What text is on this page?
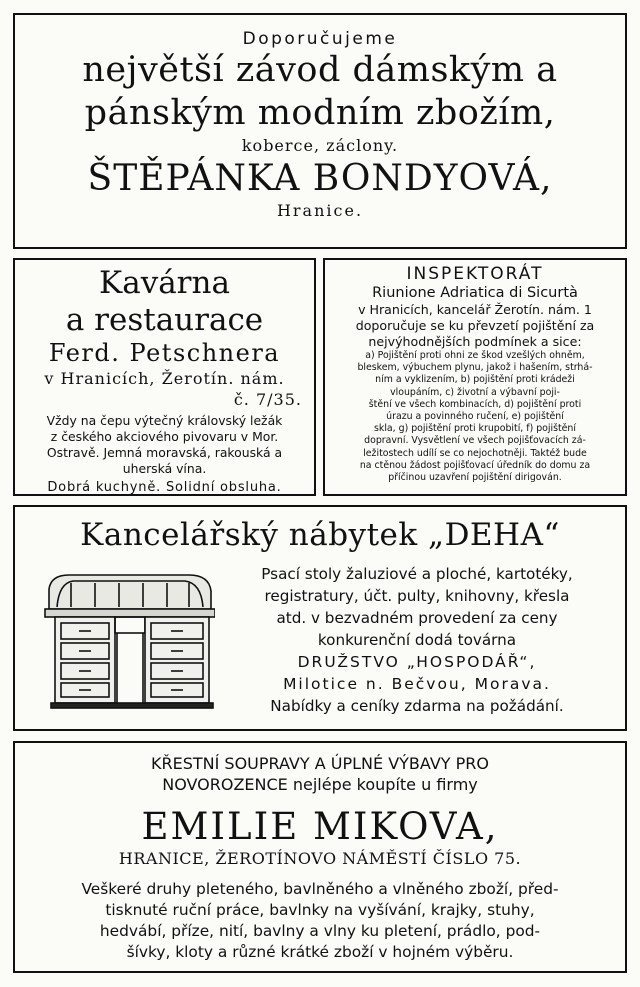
Doporučujeme
největší závod dámským a
pánským modním zbožím,
koberce, záclony.
ŠTĚPÁNKA BONDYOVÁ,
Hranice.
Kavárna
a restaurace
Ferd. Petschnera
v Hranicích, Žerotín. nám.
č. 7/35.
Vždy na čepu výtečný královský ležák
z českého akciového pivovaru v Mor.
Ostravě. Jemná moravská, rakouská a
uherská vína.
Dobrá kuchyně. Solidní obsluha.
INSPEKTORÁT
Riunione Adriatica di Sicurtà
v Hranicích, kancelář Žerotín. nám. 1
doporučuje se ku převzetí pojištění za
nejvýhodnějších podmínek a sice:
a) Pojištění proti ohni ze škod vzešlých ohněm,
bleskem, výbuchem plynu, jakož i hašením, strhá-
ním a vyklizením, b) pojištění proti krádeži
vloupáním, c) životní a výbavní poji-
štění ve všech kombinacích, d) pojištění proti
úrazu a povinného ručení, e) pojištění
skla, g) pojištění proti krupobití, f) pojištění
dopravní. Vysvětlení ve všech pojišťovacích zá-
ležitostech udílí se co nejochotněji. Taktéž bude
na ctěnou žádost pojišťovací úředník do domu za
příčinou uzavření pojištění dirigován.
Kancelářský nábytek „DEHA“
Psací stoly žaluziové a ploché, kartotéky,
registratury, účt. pulty, knihovny, křesla
atd. v bezvadném provedení za ceny
konkurenční dodá továrna
DRUŽSTVO „HOSPODÁŘ“,
Milotice n. Bečvou, Morava.
Nabídky a ceníky zdarma na požádání.
KŘESTNÍ SOUPRAVY A ÚPLNÉ VÝBAVY PRO
NOVOROZENCE nejlépe koupíte u firmy
EMILIE MIKOVA,
HRANICE, ŽEROTÍNOVO NÁMĚSTÍ ČÍSLO 75.
Veškeré druhy pleteného, bavlněného a vlněného zboží, před-
tisknuté ruční práce, bavlnky na vyšívání, krajky, stuhy,
hedvábí, příze, nití, bavlny a vlny ku pletení, prádlo, pod-
šívky, kloty a různé krátké zboží v hojném výběru.
